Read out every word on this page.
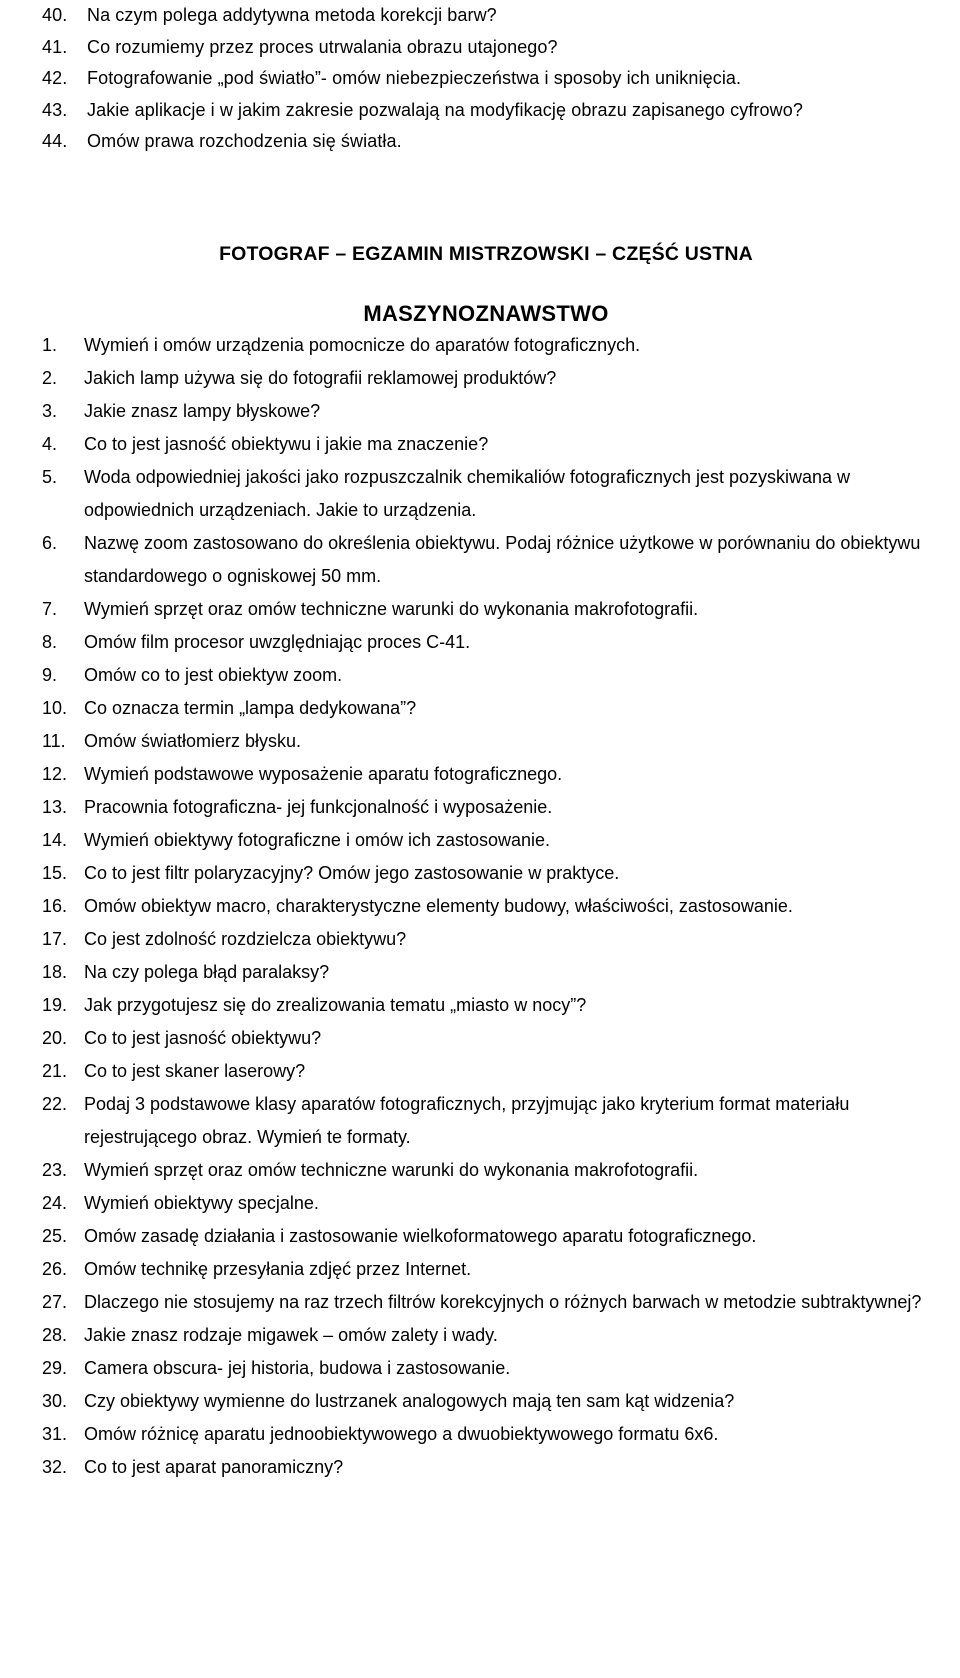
40.	Na czym polega addytywna metoda korekcji barw?
41.	Co rozumiemy przez proces utrwalania obrazu utajonego?
42.	Fotografowanie „pod światło”- omów niebezpieczeństwa i sposoby ich uniknięcia.
43.	Jakie aplikacje i w jakim zakresie pozwalają na modyfikację obrazu zapisanego cyfrowo?
44.	Omów prawa rozchodzenia się światła.
FOTOGRAF – EGZAMIN MISTRZOWSKI – CZĘŚĆ USTNA
MASZYNOZNAWSTWO
1.	Wymień i omów urządzenia pomocnicze do aparatów fotograficznych.
2.	Jakich lamp używa się do fotografii reklamowej produktów?
3.	Jakie znasz lampy błyskowe?
4.	Co to jest jasność obiektywu i jakie ma znaczenie?
5.	Woda odpowiedniej jakości jako rozpuszczalnik chemikaliów fotograficznych jest pozyskiwana w odpowiednich urządzeniach. Jakie to urządzenia.
6.	Nazwę zoom zastosowano do określenia obiektywu. Podaj różnice użytkowe w porównaniu do obiektywu standardowego o ogniskowej 50 mm.
7.	Wymień sprzęt oraz omów techniczne warunki do wykonania makrofotografii.
8.	Omów film procesor uwzględniając proces C-41.
9.	Omów co to jest obiektyw zoom.
10. Co oznacza termin „lampa dedykowana”?
11.	Omów światłomierz błysku.
12. Wymień podstawowe wyposażenie aparatu fotograficznego.
13. Pracownia fotograficzna- jej funkcjonalność i wyposażenie.
14. Wymień obiektywy fotograficzne i omów ich zastosowanie.
15. Co to jest filtr polaryzacyjny? Omów jego zastosowanie w praktyce.
16. Omów obiektyw macro, charakterystyczne elementy budowy, właściwości, zastosowanie.
17. Co jest zdolność rozdzielcza obiektywu?
18. Na czy polega błąd paralaksy?
19. Jak przygotujesz się do zrealizowania tematu „miasto w nocy”?
20. Co to jest jasność obiektywu?
21. Co to jest skaner laserowy?
22. Podaj 3 podstawowe klasy aparatów fotograficznych, przyjmując jako kryterium format materiału rejestrującego obraz. Wymień te formaty.
23. Wymień sprzęt oraz omów techniczne warunki do wykonania makrofotografii.
24. Wymień obiektywy specjalne.
25. Omów zasadę działania i zastosowanie wielkoformatowego aparatu fotograficznego.
26. Omów technikę przesyłania zdjęć przez Internet.
27. Dlaczego nie stosujemy na raz trzech filtrów korekcyjnych o różnych barwach w metodzie subtraktywnej?
28. Jakie znasz rodzaje migawek – omów zalety i wady.
29. Camera obscura- jej historia, budowa i zastosowanie.
30. Czy obiektywy wymienne do lustrzanek analogowych mają ten sam kąt widzenia?
31. Omów różnicę aparatu jednoobiektywowego a dwuobiektywowego formatu 6x6.
32. Co to jest aparat panoramiczny?
